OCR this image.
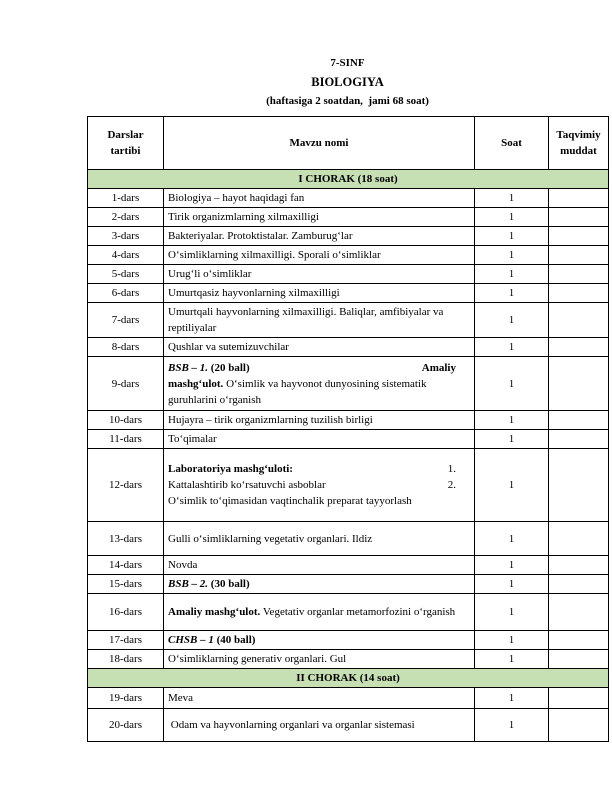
7-SINF
BIOLOGIYA
(haftasiga 2 soatdan,  jami 68 soat)
Darslar tartibi	Mavzu nomi	Soat	Taqvimiy muddat
I CHORAK (18 soat)			
1-dars	Biologiya – hayot haqidagi fan	1	
2-dars	Tirik organizmlarning xilmaxilligi	1	
3-dars	Bakteriyalar. Protoktistalar. Zamburugʻlar	1	
4-dars	Oʻsimliklarning xilmaxilligi. Sporali oʻsimliklar	1	
5-dars	Urugʻli oʻsimliklar	1	
6-dars	Umurtqasiz hayvonlarning xilmaxilligi	1	
7-dars	Umurtqali hayvonlarning xilmaxilligi. Baliqlar, amfibiyalar va reptiliyalar	1	
8-dars	Qushlar va sutemizuvchilar	1	
9-dars	BSB – 1. (20 ball) Amaliy
mashgʻulot. Oʻsimlik va hayvonot dunyosining sistematik
guruhlarini oʻrganish	1	
10-dars	Hujayra – tirik organizmlarning tuzilish birligi	1	
11-dars	Toʻqimalar	1	
12-dars	Laboratoriya mashgʻuloti: 1.
Kattalashtirib koʻrsatuvchi asboblar 2.
Oʻsimlik toʻqimasidan vaqtinchalik preparat tayyorlash	1	
13-dars	Gulli oʻsimliklarning vegetativ organlari. Ildiz	1	
14-dars	Novda	1	
15-dars	BSB – 2. (30 ball)	1	
16-dars	Amaliy mashgʻulot. Vegetativ organlar metamorfozini oʻrganish	1	
17-dars	CHSB – 1 (40 ball)	1	
18-dars	Oʻsimliklarning generativ organlari. Gul	1	
II CHORAK (14 soat)			
19-dars	Meva	1	
20-dars	Odam va hayvonlarning organlari va organlar sistemasi	1	
